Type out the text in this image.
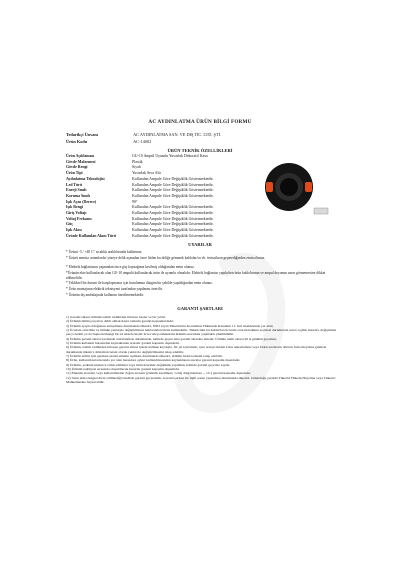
AC AYDINLATMA ÜRÜN BİLGİ FORMU
Tedarikçi Ünvanı	AC AYDINLATMA SAN. VE DIŞ TİC. LTD. ŞTİ.
Ürün Kodu	AC-14002
ÜRÜN TEKNİK ÖZELLİKLERİ
Ürün Açıklaması	GU-10 Ampül Uyumlu Yuvarlak Dekoratif Kasa
Gövde Malzemesi	Plastik
Gövde Rengi	Siyah
Ürün Tipi	Yuvarlak Sıva Altı
Aydınlatma Teknolojisi	Kullanılan Ampule Göre Değişiklik Göstermektedir.
Led Türü	Kullanılan Ampule Göre Değişiklik Göstermektedir.
Enerji Sınıfı	Kullanılan Ampule Göre Değişiklik Göstermektedir.
Koruma Sınıfı	Kullanılan Ampule Göre Değişiklik Göstermektedir.
Işık Açısı (Derece)	90°
Işık Rengi	Kullanılan Ampule Göre Değişiklik Göstermektedir.
Giriş Voltajı	Kullanılan Ampule Göre Değişiklik Göstermektedir.
Voltaj Frekansı	Kullanılan Ampule Göre Değişiklik Göstermektedir.
Güç	Kullanılan Ampule Göre Değişiklik Göstermektedir.
Işık Akısı	Kullanılan Ampule Göre Değişiklik Göstermektedir.
Ürünle Kullanılan Akım Türü	Kullanılan Ampule Göre Değişiklik Göstermektedir.
UYARILAR
* Ürünü -5 / +40 C° sıcaklık aralıklarında kullanınız.
* Ürünü nemsiz ortamlarda/ yüzeye delik açmadan önce lütfen bu deliğe gömmek kablolar/su vb. tesisatların geçmediğinden emin olunuz.
* Elektrik bağlantısını yapmadan önce güç kaynağının kesilmiş olduğundan emin olunuz.
*Ürünün ekte kullanılacak olan GU-10 ampulü kullanılacak ürün ile uyumlu olmalıdır. Elektrik bağlantısı yapılırken ürün kablolarının ve ampul duyunun zarar görmemesine dikkat edilmelidir.
* Tekliksel bir durum ile karşılaşmanız için kurulumun düzgün bir şekilde yapıldığından emin olunuz.
* Ürün montajının elektrik teknisyeni tarafından yapılması önerilir.
* Ürünün dış ambalajında kullanım önerilmemektedir.
GARANTİ ŞARTLARI

1) Garanti süresi, ürünün teslim tarihinden itibaren başlar ve bir yıldır.

2) Ürünün bütün parçaları dahil olmak üzere tamamı garanti kapsamındadır.

3) Ürünün ayıplı olduğunun anlaşılması durumunda tüketici, 6502 sayılı Tüketicinin Korunması Hakkında Kanunun 11. inci maddesinde yer alan;

a) Ücretsiz onarılma ve ürünün yenisiyle değiştirilmesi haklarından birini kullanabilir. Tüketicinin bu haklardan ücretsiz onarım hakkını seçmesi durumunda satıcı; işçilik masrafı, değiştirilen parça bedeli ya da başka herhangi bir ad altında hiçbir ücret talep etmeksizin ürünün onarımını yapmakla yükümlüdür.

4) Ürünün garanti süresi içerisinde arızalanması durumunda, tamirde geçen süre garanti süresine eklenir. Ürünün tamir süresi 20 iş gününü geçemez.

5) Ürünün kullanım hatasından kaynaklanan arızalar garanti kapsamı dışındadır.

6) Ürünün, teslim tarihinden itibaren garanti süresi içinde kalmak kaydıyla, bir yıl içerisinde; aynı arızayı ikiden fazla tekrarlaması veya farklı arızaların dörtten fazla meydana gelmesi durumunda tüketici, ürünün ücretsiz olarak yenisi ile değiştirilmesini talep edebilir.

7) Ürünün tamiri için gereken azami sürenin aşılması durumunda tüketici, ürünün bedel iadesini talep edebilir.

8) Ürün, kullanım kılavuzunda yer alan hususlara aykırı kullanılmasından kaynaklanan arızalar garanti kapsamı dışındadır.

9) Ürünün, yetkisiz kişilerce tamir edilmesi veya ürün üzerinde değişiklik yapılması halinde garanti geçersiz sayılır.

10) Ürünün nakliyesi sırasında oluşabilecek hasarlar garanti kapsamı dışındadır.

11) Elektrik arızaları veya kullanılmadan doğan arızalar (elektrik kesilmesi, voltaj dalgalanması ... vb.) garanti kapsamı dışındadır.

12) Satın alma belgesi ibraz edilmediği takdirde garanti geçersizdir. Garanti şartları ile ilgili sorun yaşanması durumunda tüketici, bulunduğu yerdeki Tüketici Hakem Heyetine veya Tüketici Mahkemesine başvurabilir.
